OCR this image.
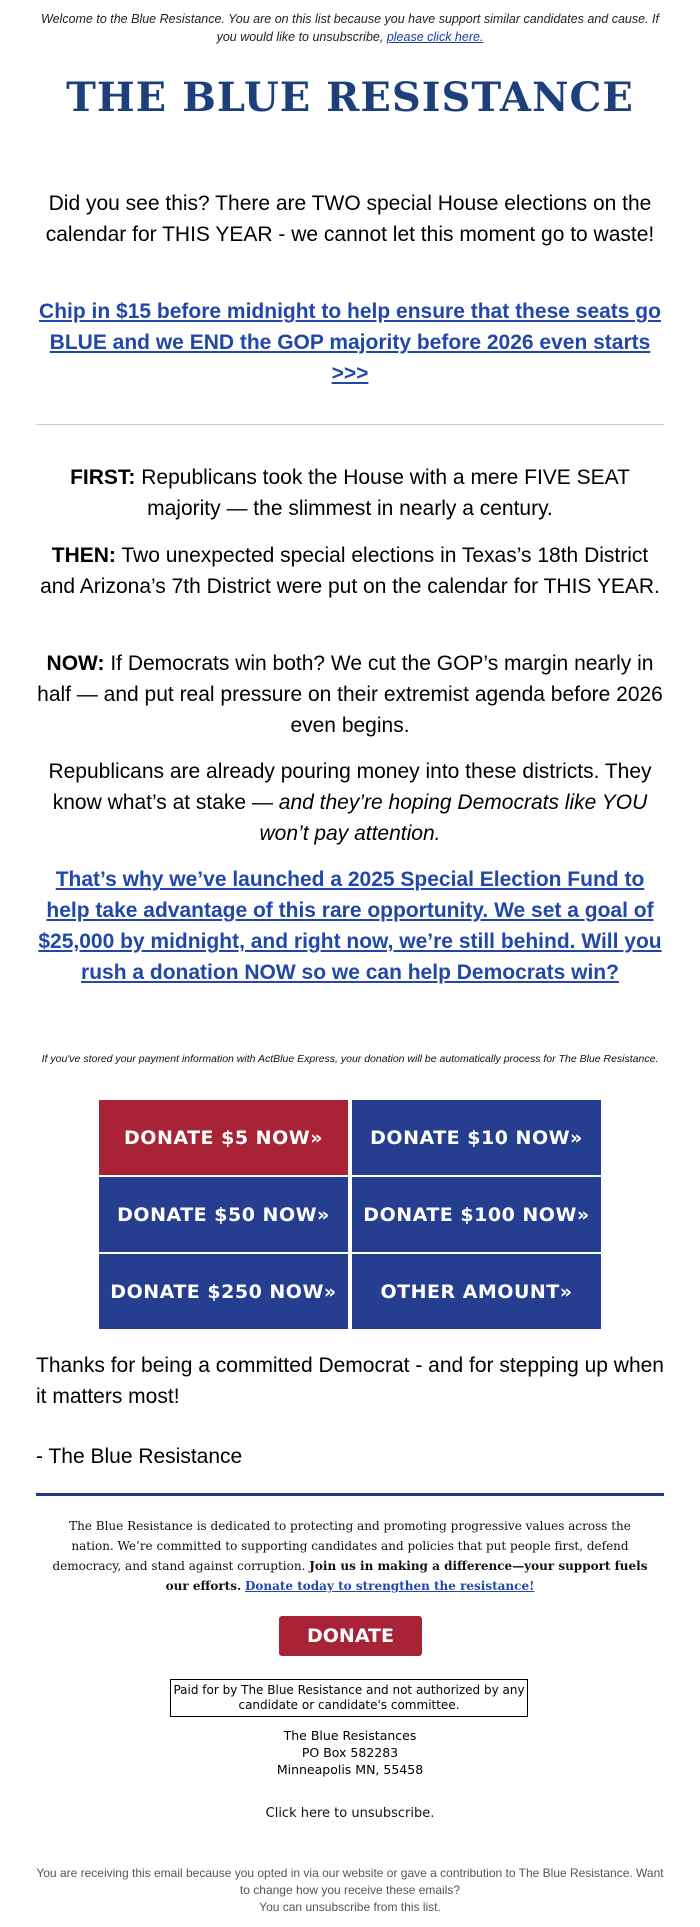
Welcome to the Blue Resistance. You are on this list because you have support similar candidates and cause. If you would like to unsubscribe, please click here.
THE BLUE RESISTANCE
Did you see this? There are TWO special House elections on the calendar for THIS YEAR - we cannot let this moment go to waste!
Chip in $15 before midnight to help ensure that these seats go BLUE and we END the GOP majority before 2026 even starts >>>
FIRST: Republicans took the House with a mere FIVE SEAT majority — the slimmest in nearly a century.
THEN: Two unexpected special elections in Texas’s 18th District and Arizona’s 7th District were put on the calendar for THIS YEAR.
NOW: If Democrats win both? We cut the GOP’s margin nearly in half — and put real pressure on their extremist agenda before 2026 even begins.
Republicans are already pouring money into these districts. They know what’s at stake — and they’re hoping Democrats like YOU won’t pay attention.
That’s why we’ve launched a 2025 Special Election Fund to help take advantage of this rare opportunity. We set a goal of $25,000 by midnight, and right now, we’re still behind. Will you rush a donation NOW so we can help Democrats win?
If you've stored your payment information with ActBlue Express, your donation will be automatically process for The Blue Resistance.
DONATE $5 NOW»	DONATE $10 NOW»
DONATE $50 NOW»	DONATE $100 NOW»
DONATE $250 NOW»	OTHER AMOUNT»
Thanks for being a committed Democrat - and for stepping up when it matters most!
- The Blue Resistance
The Blue Resistance is dedicated to protecting and promoting progressive values across the nation. We’re committed to supporting candidates and policies that put people first, defend democracy, and stand against corruption. Join us in making a difference—your support fuels our efforts. Donate today to strengthen the resistance!
DONATE
Paid for by The Blue Resistance and not authorized by any candidate or candidate's committee.
The Blue Resistances
PO Box 582283
Minneapolis MN, 55458
Click here to unsubscribe.
You are receiving this email because you opted in via our website or gave a contribution to The Blue Resistance. Want to change how you receive these emails?
You can unsubscribe from this list.
